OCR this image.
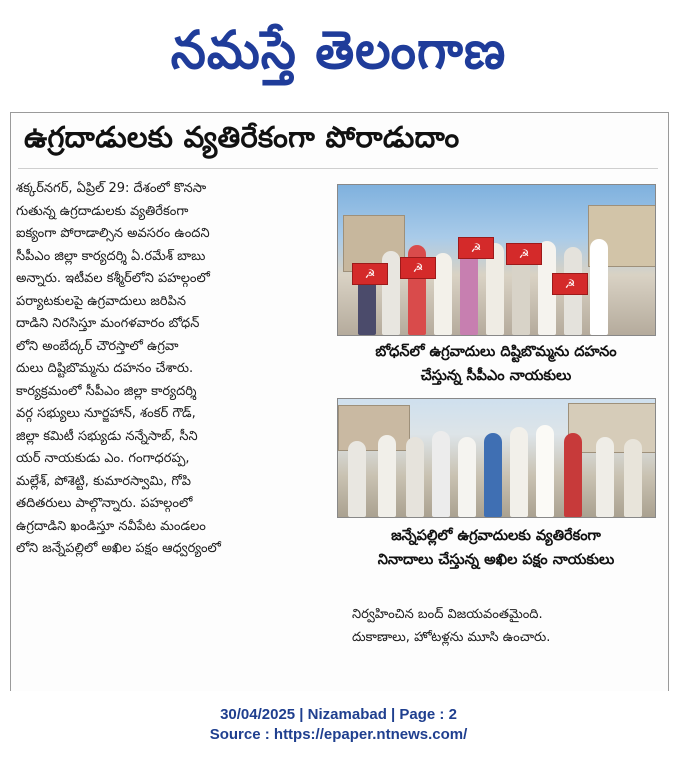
నమస్తే తెలంగాణ
ఉగ్రదాడులకు వ్యతిరేకంగా పోరాడుదాం
శక్కర్‌నగర్, ఏప్రిల్ 29: దేశంలో కొనసా
గుతున్న ఉగ్రదాడులకు వ్యతిరేకంగా
ఐక్యంగా పోరాడాల్సిన అవసరం ఉందని
సీపీఎం జిల్లా కార్యదర్శి ఏ.రమేశ్ బాబు
అన్నారు. ఇటీవల కశ్మీర్‌లోని పహల్గంలో
పర్యాటకులపై ఉగ్రవాదులు జరిపిన
దాడిని నిరసిస్తూ మంగళవారం బోధన్
లోని అంబేద్కర్ చౌరస్తాలో ఉగ్రవా
దులు దిష్టిబొమ్మను దహనం చేశారు.
కార్యక్రమంలో సీపీఎం జిల్లా కార్యదర్శి
వర్గ సభ్యులు నూర్జహాన్, శంకర్ గౌడ్,
జిల్లా కమిటీ సభ్యుడు నన్నేసాబ్, సీని
యర్ నాయకుడు ఎం. గంగాధరప్ప,
మల్లేశ్, పోశెట్టి, కుమారస్వామి, గోపి
తదితరులు పాల్గొన్నారు. పహల్గంలో
ఉగ్రదాడిని ఖండిస్తూ నవీపేట మండలం
లోని జన్నేపల్లిలో అఖిల పక్షం ఆధ్వర్యంలో
☭	☭
☭	☭
☭
బోధన్‌లో ఉగ్రవాదులు దిష్టిబొమ్మను దహనం
చేస్తున్న సీపీఎం నాయకులు
జన్నేపల్లిలో ఉగ్రవాదులకు వ్యతిరేకంగా
నినాదాలు చేస్తున్న అఖిల పక్షం నాయకులు
నిర్వహించిన బంద్ విజయవంతమైంది.
దుకాణాలు, హోటళ్లను మూసి ఉంచారు.
30/04/2025 | Nizamabad | Page : 2
Source : https://epaper.ntnews.com/
